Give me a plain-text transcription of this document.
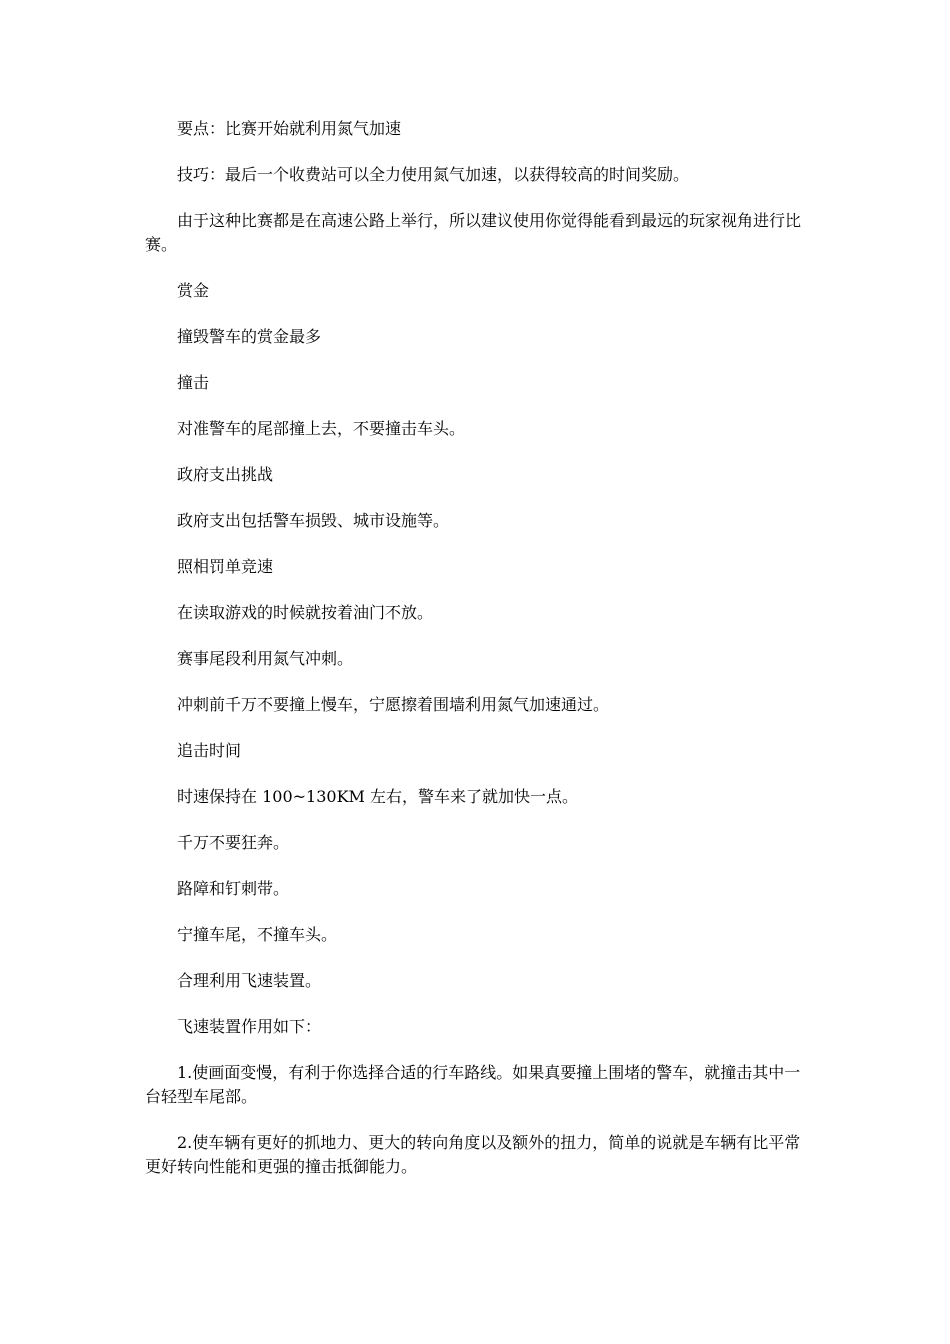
要点：比赛开始就利用氮气加速

技巧：最后一个收费站可以全力使用氮气加速，以获得较高的时间奖励。

由于这种比赛都是在高速公路上举行，所以建议使用你觉得能看到最远的玩家视角进行比赛。

赏金

撞毁警车的赏金最多

撞击

对准警车的尾部撞上去，不要撞击车头。

政府支出挑战

政府支出包括警车损毁、城市设施等。

照相罚单竞速

在读取游戏的时候就按着油门不放。

赛事尾段利用氮气冲刺。

冲刺前千万不要撞上慢车，宁愿擦着围墙利用氮气加速通过。

追击时间

时速保持在 100~130KM 左右，警车来了就加快一点。

千万不要狂奔。

路障和钉刺带。

宁撞车尾，不撞车头。

合理利用飞速装置。

飞速装置作用如下：

1.使画面变慢，有利于你选择合适的行车路线。如果真要撞上围堵的警车，就撞击其中一台轻型车尾部。

2.使车辆有更好的抓地力、更大的转向角度以及额外的扭力，简单的说就是车辆有比平常更好转向性能和更强的撞击抵御能力。
